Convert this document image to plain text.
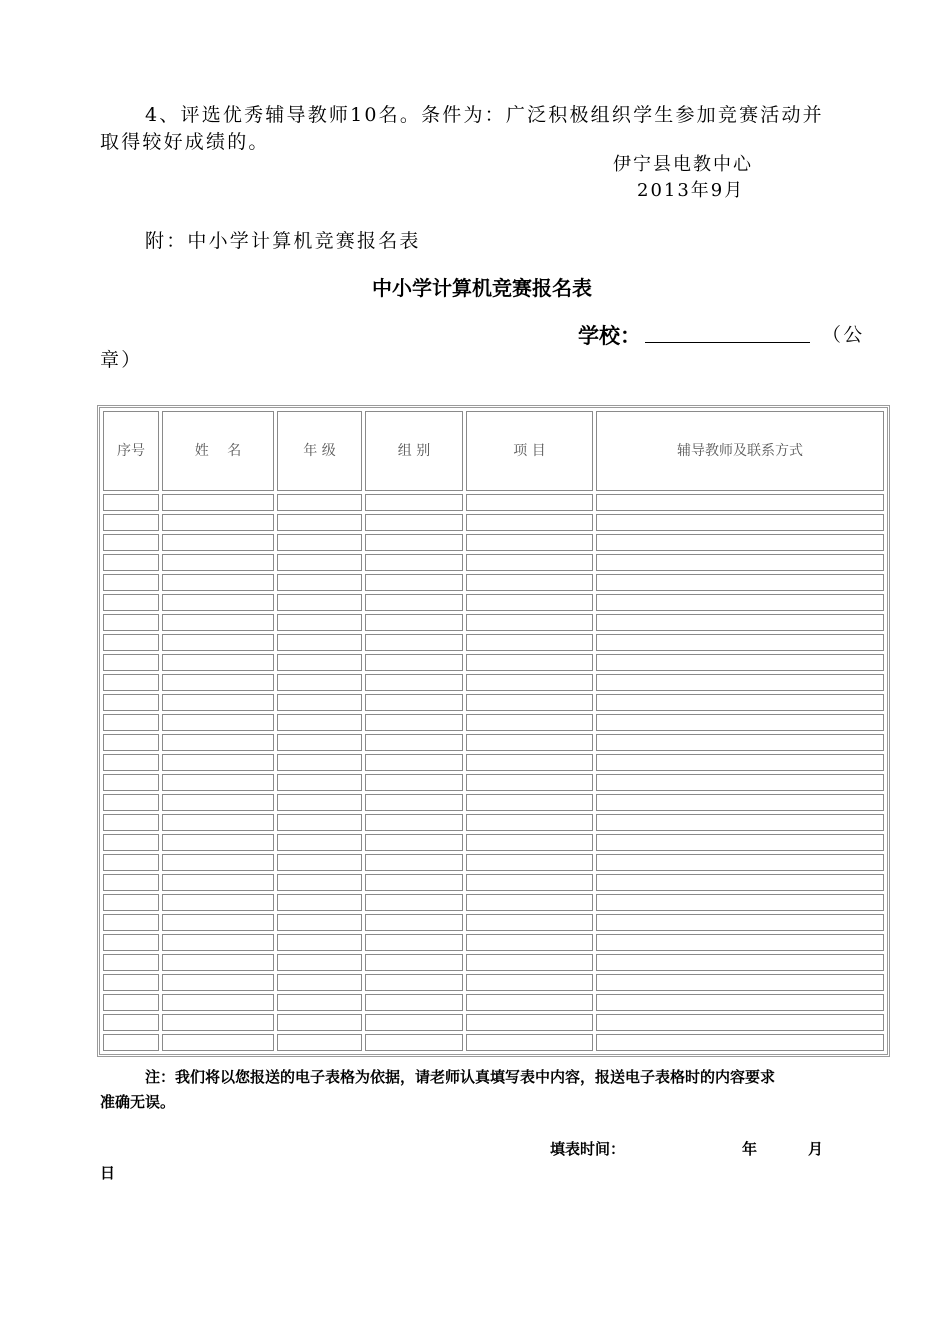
4、评选优秀辅导教师10名。条件为：广泛积极组织学生参加竞赛活动并
取得较好成绩的。
伊宁县电教中心
2013年9月
附：中小学计算机竞赛报名表
中小学计算机竞赛报名表
学校：	（公
章）
序号	姓　 名	年 级	组 别	项 目	辅导教师及联系方式

注：我们将以您报送的电子表格为依据，请老师认真填写表中内容，报送电子表格时的内容要求
准确无误。
填表时间：	年	月
日
